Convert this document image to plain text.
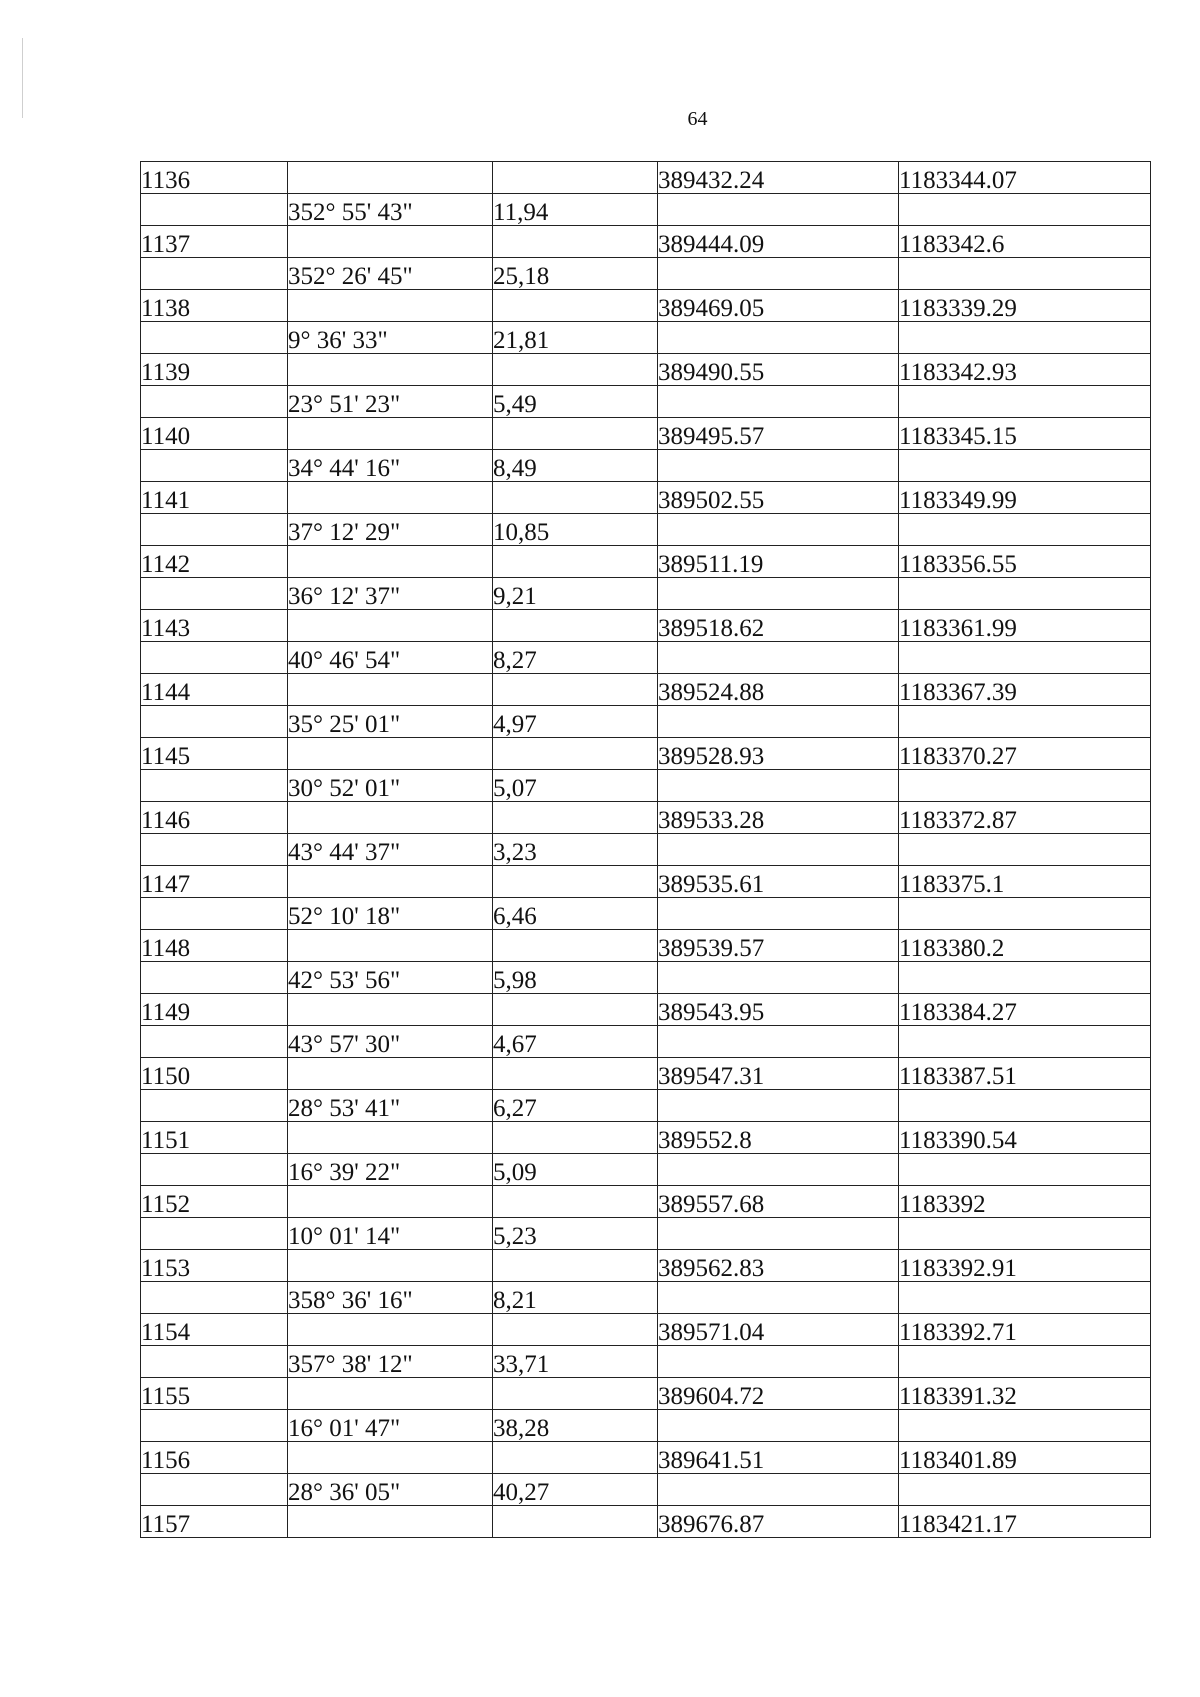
64
1136			389432.24	1183344.07
	352° 55' 43"	11,94		
1137			389444.09	1183342.6
	352° 26' 45"	25,18		
1138			389469.05	1183339.29
	9° 36' 33"	21,81		
1139			389490.55	1183342.93
	23° 51' 23"	5,49		
1140			389495.57	1183345.15
	34° 44' 16"	8,49		
1141			389502.55	1183349.99
	37° 12' 29"	10,85		
1142			389511.19	1183356.55
	36° 12' 37"	9,21		
1143			389518.62	1183361.99
	40° 46' 54"	8,27		
1144			389524.88	1183367.39
	35° 25' 01"	4,97		
1145			389528.93	1183370.27
	30° 52' 01"	5,07		
1146			389533.28	1183372.87
	43° 44' 37"	3,23		
1147			389535.61	1183375.1
	52° 10' 18"	6,46		
1148			389539.57	1183380.2
	42° 53' 56"	5,98		
1149			389543.95	1183384.27
	43° 57' 30"	4,67		
1150			389547.31	1183387.51
	28° 53' 41"	6,27		
1151			389552.8	1183390.54
	16° 39' 22"	5,09		
1152			389557.68	1183392
	10° 01' 14"	5,23		
1153			389562.83	1183392.91
	358° 36' 16"	8,21		
1154			389571.04	1183392.71
	357° 38' 12"	33,71		
1155			389604.72	1183391.32
	16° 01' 47"	38,28		
1156			389641.51	1183401.89
	28° 36' 05"	40,27		
1157			389676.87	1183421.17
